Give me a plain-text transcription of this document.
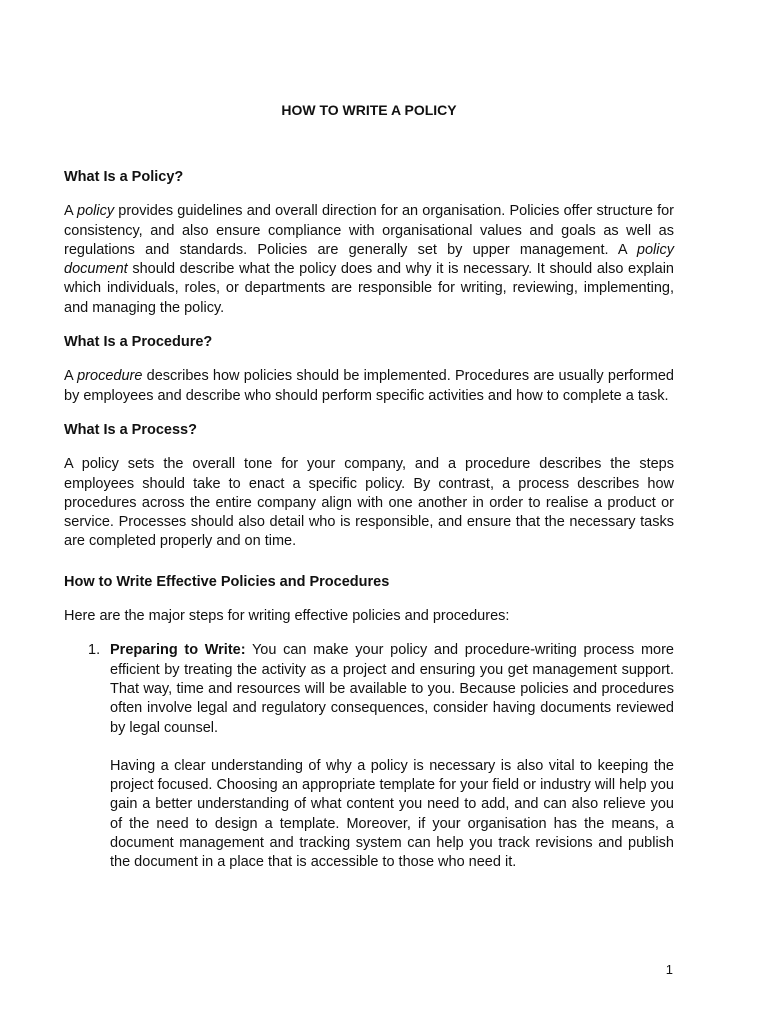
HOW TO WRITE A POLICY
What Is a Policy?
A policy provides guidelines and overall direction for an organisation. Policies offer structure for consistency, and also ensure compliance with organisational values and goals as well as regulations and standards. Policies are generally set by upper management. A policy document should describe what the policy does and why it is necessary. It should also explain which individuals, roles, or departments are responsible for writing, reviewing, implementing, and managing the policy.
What Is a Procedure?
A procedure describes how policies should be implemented. Procedures are usually performed by employees and describe who should perform specific activities and how to complete a task.
What Is a Process?
A policy sets the overall tone for your company, and a procedure describes the steps employees should take to enact a specific policy. By contrast, a process describes how procedures across the entire company align with one another in order to realise a product or service. Processes should also detail who is responsible, and ensure that the necessary tasks are completed properly and on time.
How to Write Effective Policies and Procedures
Here are the major steps for writing effective policies and procedures:
1. Preparing to Write: You can make your policy and procedure-writing process more efficient by treating the activity as a project and ensuring you get management support. That way, time and resources will be available to you. Because policies and procedures often involve legal and regulatory consequences, consider having documents reviewed by legal counsel.
Having a clear understanding of why a policy is necessary is also vital to keeping the project focused. Choosing an appropriate template for your field or industry will help you gain a better understanding of what content you need to add, and can also relieve you of the need to design a template. Moreover, if your organisation has the means, a document management and tracking system can help you track revisions and publish the document in a place that is accessible to those who need it.
1
